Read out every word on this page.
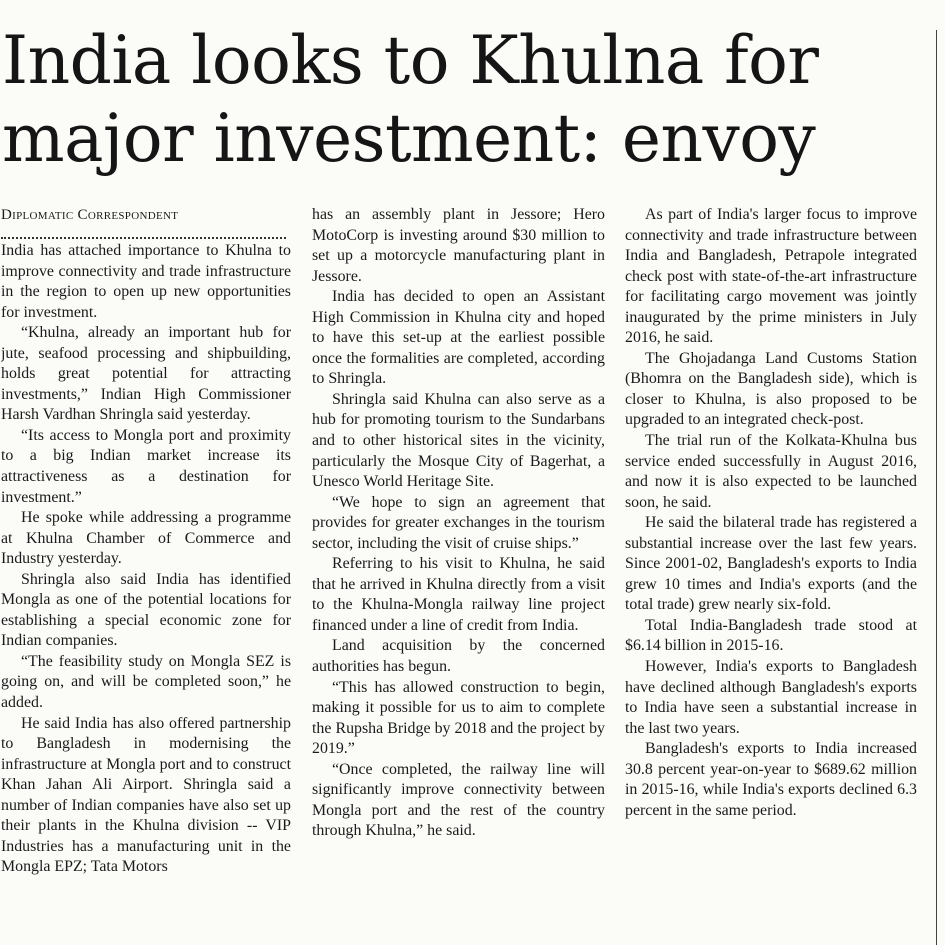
India looks to Khulna for
major investment: envoy
Diplomatic Correspondent

India has attached importance to Khulna to improve connectivity and trade infrastructure in the region to open up new opportunities for investment.

“Khulna, already an important hub for jute, seafood processing and shipbuilding, holds great potential for attracting investments,” Indian High Commissioner Harsh Vardhan Shringla said yesterday.

“Its access to Mongla port and proximity to a big Indian market increase its attractiveness as a destination for investment.”

He spoke while addressing a programme at Khulna Chamber of Commerce and Industry yesterday.

Shringla also said India has identified Mongla as one of the potential locations for establishing a special economic zone for Indian companies.

“The feasibility study on Mongla SEZ is going on, and will be completed soon,” he added.

He said India has also offered partnership to Bangladesh in modernising the infrastructure at Mongla port and to construct Khan Jahan Ali Airport. Shringla said a number of Indian companies have also set up their plants in the Khulna division -- VIP Industries has a manufacturing unit in the Mongla EPZ; Tata Motors

has an assembly plant in Jessore; Hero MotoCorp is investing around $30 million to set up a motorcycle manufacturing plant in Jessore.

India has decided to open an Assistant High Commission in Khulna city and hoped to have this set-up at the earliest possible once the formalities are completed, according to Shringla.

Shringla said Khulna can also serve as a hub for promoting tourism to the Sundarbans and to other historical sites in the vicinity, particularly the Mosque City of Bagerhat, a Unesco World Heritage Site.

“We hope to sign an agreement that provides for greater exchanges in the tourism sector, including the visit of cruise ships.”

Referring to his visit to Khulna, he said that he arrived in Khulna directly from a visit to the Khulna-Mongla railway line project financed under a line of credit from India.

Land acquisition by the concerned authorities has begun.

“This has allowed construction to begin, making it possible for us to aim to complete the Rupsha Bridge by 2018 and the project by 2019.”

“Once completed, the railway line will significantly improve connectivity between Mongla port and the rest of the country through Khulna,” he said.

As part of India's larger focus to improve connectivity and trade infrastructure between India and Bangladesh, Petrapole integrated check post with state-of-the-art infrastructure for facilitating cargo movement was jointly inaugurated by the prime ministers in July 2016, he said.

The Ghojadanga Land Customs Station (Bhomra on the Bangladesh side), which is closer to Khulna, is also proposed to be upgraded to an integrated check-post.

The trial run of the Kolkata-Khulna bus service ended successfully in August 2016, and now it is also expected to be launched soon, he said.

He said the bilateral trade has registered a substantial increase over the last few years. Since 2001-02, Bangladesh's exports to India grew 10 times and India's exports (and the total trade) grew nearly six-fold.

Total India-Bangladesh trade stood at $6.14 billion in 2015-16.

However, India's exports to Bangladesh have declined although Bangladesh's exports to India have seen a substantial increase in the last two years.

Bangladesh's exports to India increased 30.8 percent year-on-year to $689.62 million in 2015-16, while India's exports declined 6.3 percent in the same period.
